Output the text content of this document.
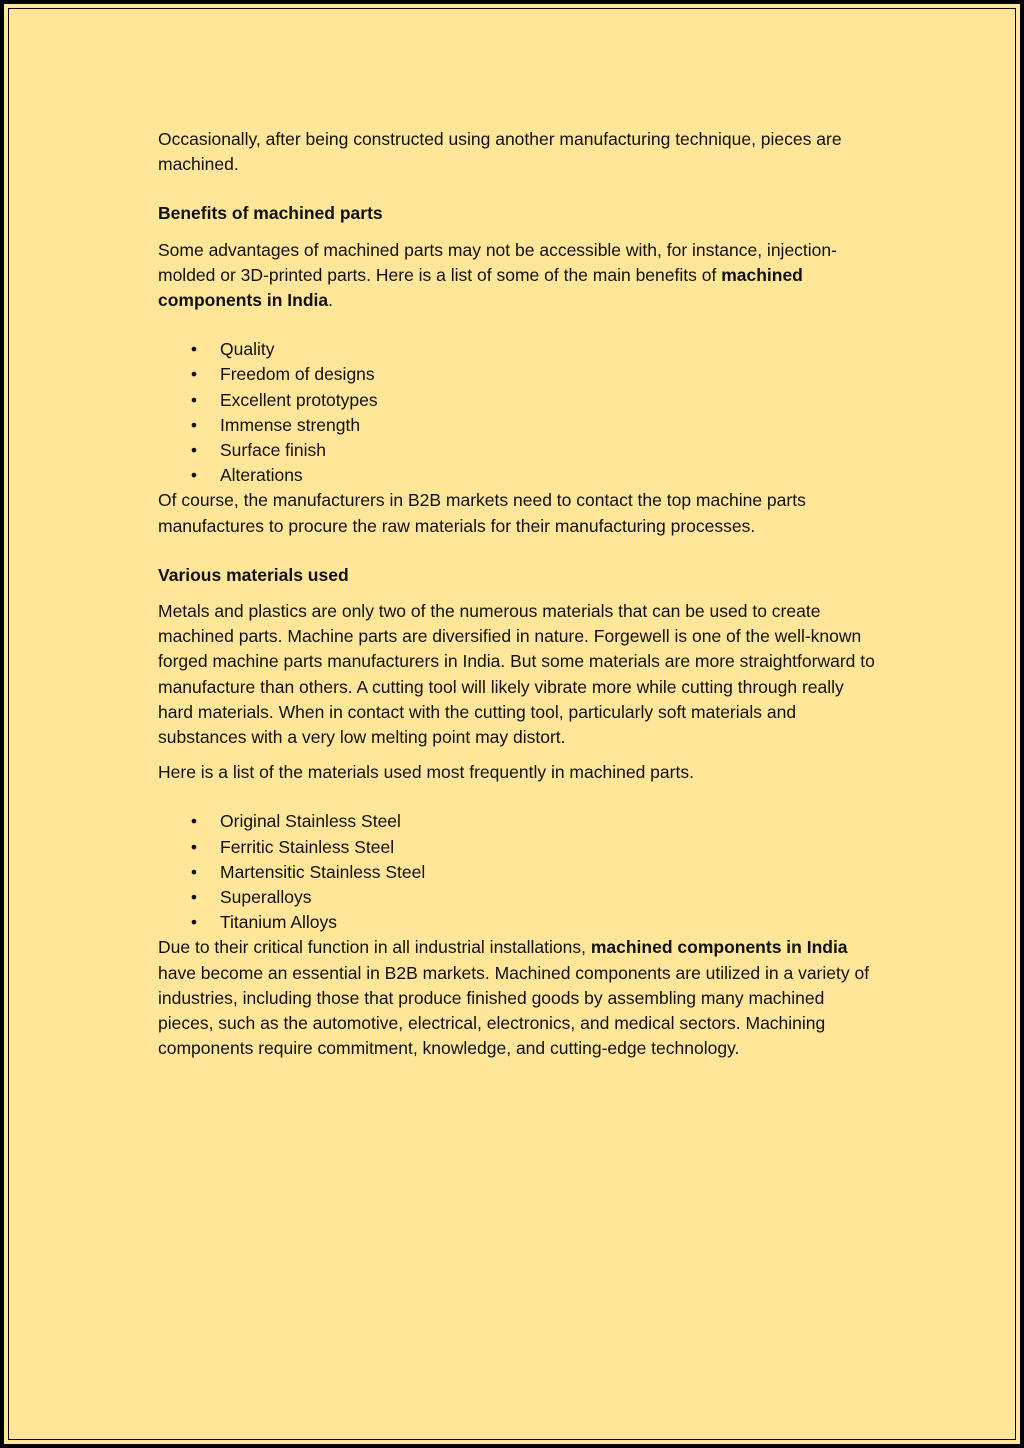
Occasionally, after being constructed using another manufacturing technique, pieces are machined.

Benefits of machined parts

Some advantages of machined parts may not be accessible with, for instance, injection-molded or 3D-printed parts. Here is a list of some of the main benefits of machined components in India.

• Quality
• Freedom of designs
• Excellent prototypes
• Immense strength
• Surface finish
• Alterations

Of course, the manufacturers in B2B markets need to contact the top machine parts manufactures to procure the raw materials for their manufacturing processes.

Various materials used

Metals and plastics are only two of the numerous materials that can be used to create machined parts. Machine parts are diversified in nature. Forgewell is one of the well-known forged machine parts manufacturers in India. But some materials are more straightforward to manufacture than others. A cutting tool will likely vibrate more while cutting through really hard materials. When in contact with the cutting tool, particularly soft materials and substances with a very low melting point may distort.

Here is a list of the materials used most frequently in machined parts.

• Original Stainless Steel
• Ferritic Stainless Steel
• Martensitic Stainless Steel
• Superalloys
• Titanium Alloys

Due to their critical function in all industrial installations, machined components in India have become an essential in B2B markets. Machined components are utilized in a variety of industries, including those that produce finished goods by assembling many machined pieces, such as the automotive, electrical, electronics, and medical sectors. Machining components require commitment, knowledge, and cutting-edge technology.
